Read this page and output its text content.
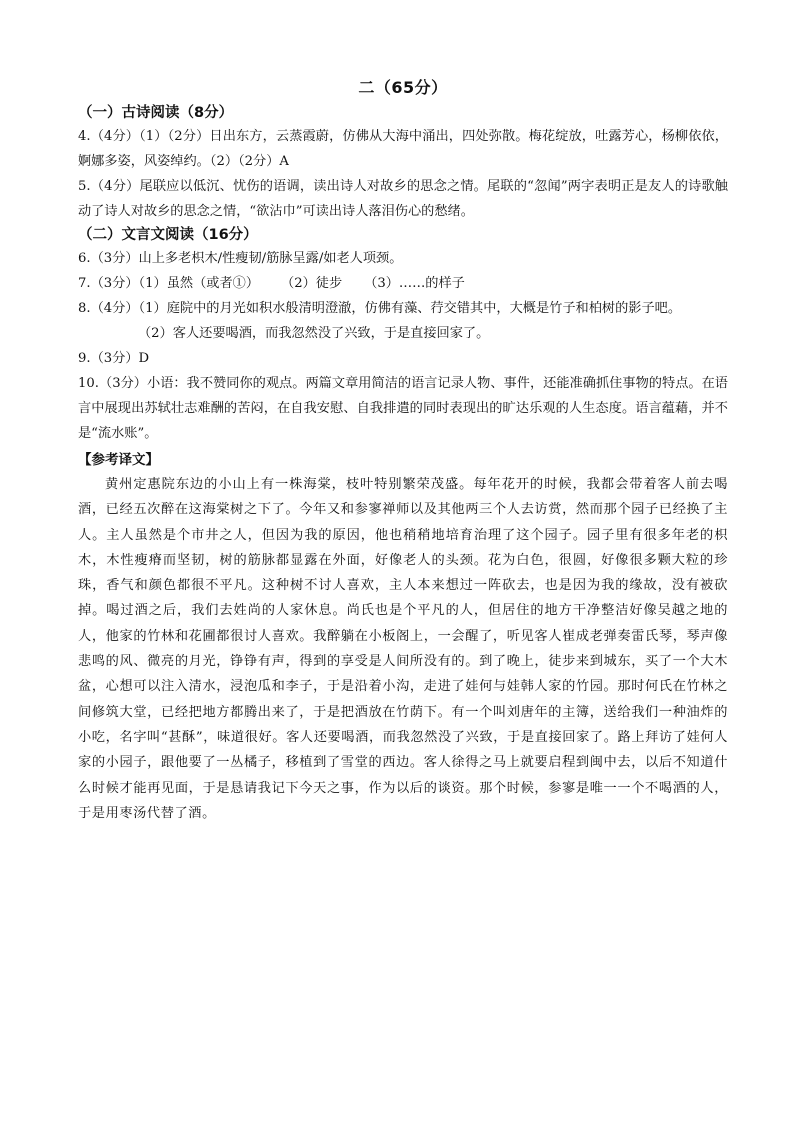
二（65分）
（一）古诗阅读（8分）

4.（4分）（1）（2分）日出东方，云蒸霞蔚，仿佛从大海中涌出，四处弥散。梅花绽放，吐露芳心，杨柳依依，婀娜多姿，风姿绰约。（2）（2分）A

5.（4分）尾联应以低沉、忧伤的语调，读出诗人对故乡的思念之情。尾联的“忽闻”两字表明正是友人的诗歌触动了诗人对故乡的思念之情，“欲沾巾”可读出诗人落泪伤心的愁绪。

（二）文言文阅读（16分）

6.（3分）山上多老枳木/性瘦韧/筋脉呈露/如老人项颈。

7.（3分）（1）虽然（或者①） （2）徒步 （3）……的样子

8.（4分）（1）庭院中的月光如积水般清明澄澈，仿佛有藻、荇交错其中，大概是竹子和柏树的影子吧。

（2）客人还要喝酒，而我忽然没了兴致，于是直接回家了。

9.（3分）D

10.（3分）小语：我不赞同你的观点。两篇文章用简洁的语言记录人物、事件，还能准确抓住事物的特点。在语言中展现出苏轼壮志难酬的苦闷，在自我安慰、自我排遣的同时表现出的旷达乐观的人生态度。语言蕴藉，并不是“流水账”。

【参考译文】

黄州定惠院东边的小山上有一株海棠，枝叶特别繁荣茂盛。每年花开的时候，我都会带着客人前去喝酒，已经五次醉在这海棠树之下了。今年又和参寥禅师以及其他两三个人去访赏，然而那个园子已经换了主人。主人虽然是个市井之人，但因为我的原因，他也稍稍地培育治理了这个园子。园子里有很多年老的枳木，木性瘦瘠而坚韧，树的筋脉都显露在外面，好像老人的头颈。花为白色，很圆，好像很多颗大粒的珍珠，香气和颜色都很不平凡。这种树不讨人喜欢，主人本来想过一阵砍去，也是因为我的缘故，没有被砍掉。喝过酒之后，我们去姓尚的人家休息。尚氏也是个平凡的人，但居住的地方干净整洁好像吴越之地的人，他家的竹林和花圃都很讨人喜欢。我醉躺在小板阁上，一会醒了，听见客人崔成老弹奏雷氏琴，琴声像悲鸣的风、微亮的月光，铮铮有声，得到的享受是人间所没有的。到了晚上，徒步来到城东，买了一个大木盆，心想可以注入清水，浸泡瓜和李子，于是沿着小沟，走进了娃何与娃韩人家的竹园。那时何氏在竹林之间修筑大堂，已经把地方都腾出来了，于是把酒放在竹荫下。有一个叫刘唐年的主簿，送给我们一种油炸的小吃，名字叫“甚酥”，味道很好。客人还要喝酒，而我忽然没了兴致，于是直接回家了。路上拜访了娃何人家的小园子，跟他要了一丛橘子，移植到了雪堂的西边。客人徐得之马上就要启程到闽中去，以后不知道什么时候才能再见面，于是恳请我记下今天之事，作为以后的谈资。那个时候，参寥是唯一一个不喝酒的人，于是用枣汤代替了酒。
